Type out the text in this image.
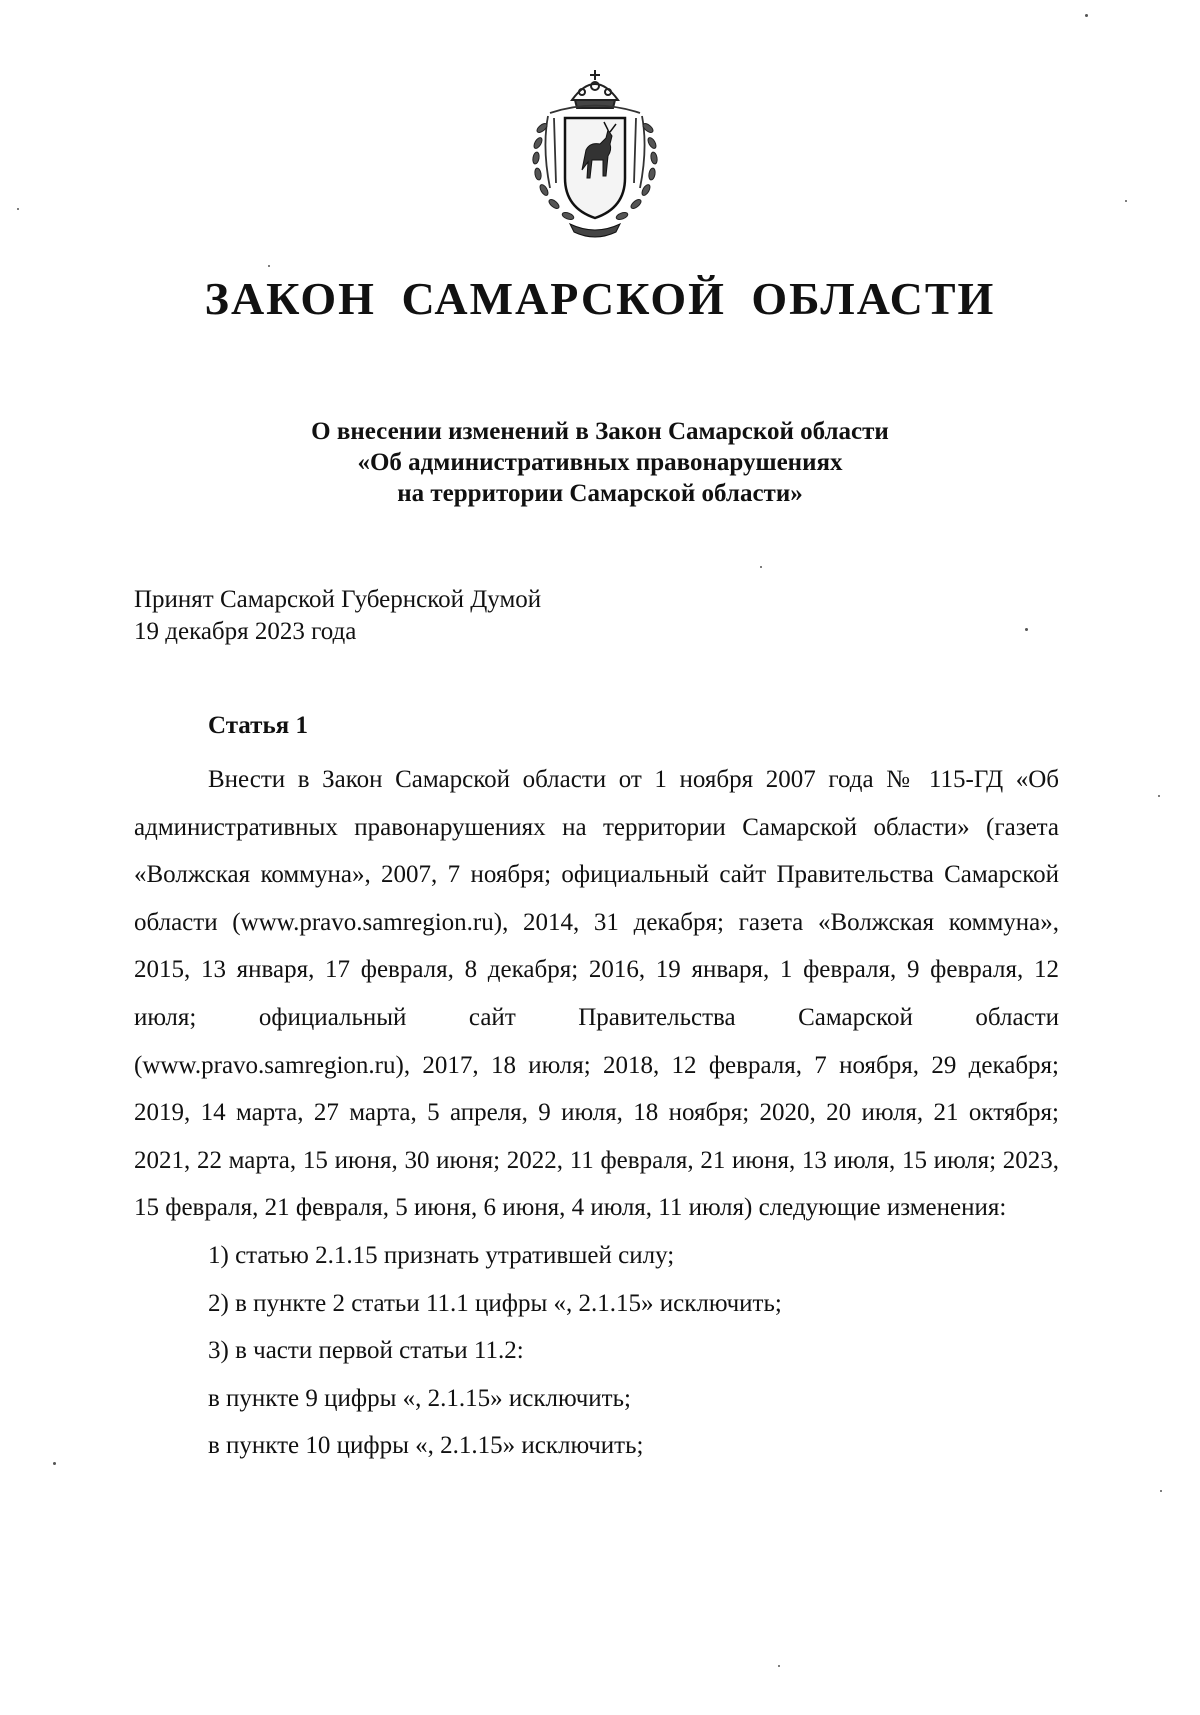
ЗАКОН САМАРСКОЙ ОБЛАСТИ
О внесении изменений в Закон Самарской области
«Об административных правонарушениях
на территории Самарской области»
Принят Самарской Губернской Думой
19 декабря 2023 года
Статья 1

Внести в Закон Самарской области от 1 ноября 2007 года № 115-ГД «Об административных правонарушениях на территории Самарской области» (газета «Волжская коммуна», 2007, 7 ноября; официальный сайт Правительства Самарской области (www.pravo.samregion.ru), 2014, 31 декабря; газета «Волжская коммуна», 2015, 13 января, 17 февраля, 8 декабря; 2016, 19 января, 1 февраля, 9 февраля, 12 июля; официальный сайт Правительства Самарской области (www.pravo.samregion.ru), 2017, 18 июля; 2018, 12 февраля, 7 ноября, 29 декабря; 2019, 14 марта, 27 марта, 5 апреля, 9 июля, 18 ноября; 2020, 20 июля, 21 октября; 2021, 22 марта, 15 июня, 30 июня; 2022, 11 февраля, 21 июня, 13 июля, 15 июля; 2023, 15 февраля, 21 февраля, 5 июня, 6 июня, 4 июля, 11 июля) следующие изменения:

1) статью 2.1.15 признать утратившей силу;
2) в пункте 2 статьи 11.1 цифры «, 2.1.15» исключить;
3) в части первой статьи 11.2:
в пункте 9 цифры «, 2.1.15» исключить;
в пункте 10 цифры «, 2.1.15» исключить;
